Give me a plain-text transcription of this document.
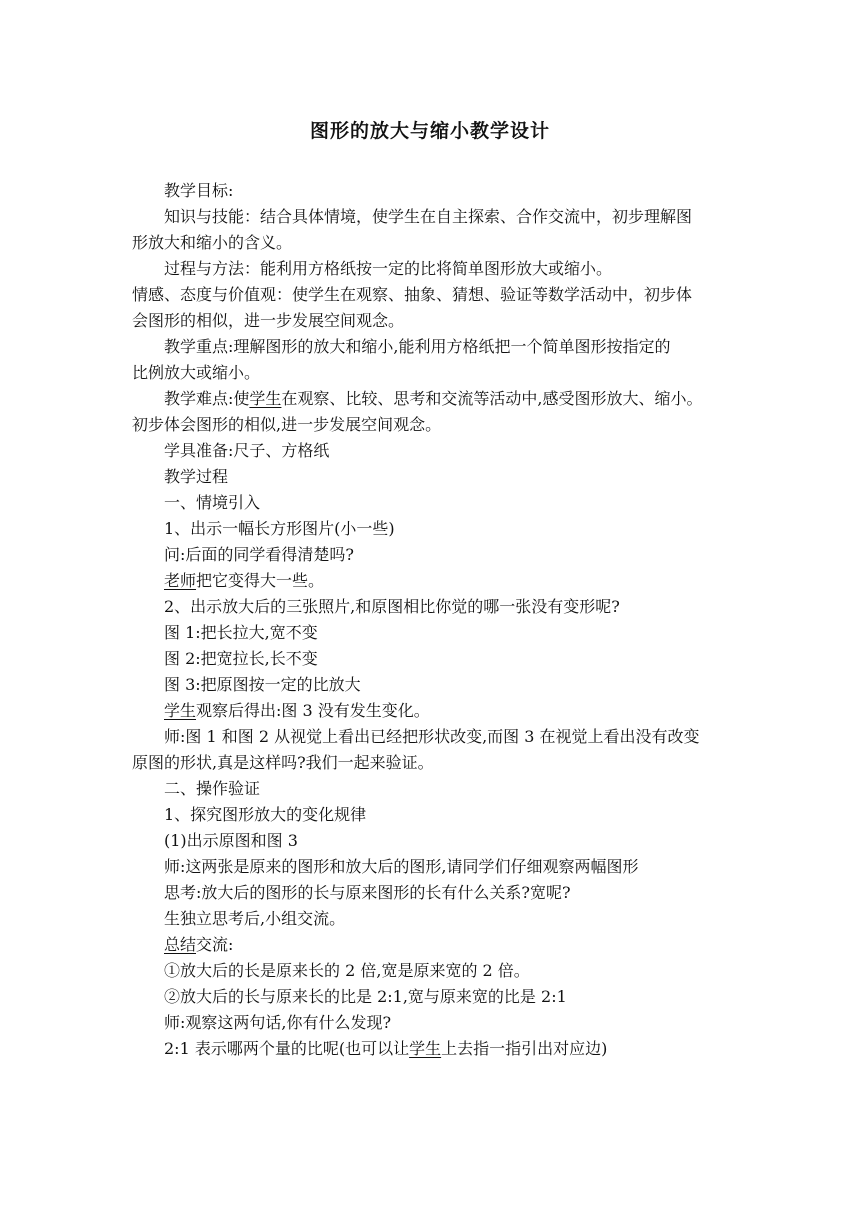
图形的放大与缩小教学设计
教学目标:
知识与技能：结合具体情境，使学生在自主探索、合作交流中，初步理解图
形放大和缩小的含义。
过程与方法：能利用方格纸按一定的比将简单图形放大或缩小。
情感、态度与价值观：使学生在观察、抽象、猜想、验证等数学活动中，初步体
会图形的相似，进一步发展空间观念。
教学重点:理解图形的放大和缩小,能利用方格纸把一个简单图形按指定的
比例放大或缩小。
教学难点:使学生在观察、比较、思考和交流等活动中,感受图形放大、缩小。
初步体会图形的相似,进一步发展空间观念。
学具准备:尺子、方格纸
教学过程
一、情境引入
1、出示一幅长方形图片(小一些)
问:后面的同学看得清楚吗?
老师把它变得大一些。
2、出示放大后的三张照片,和原图相比你觉的哪一张没有变形呢?
图 1:把长拉大,宽不变
图 2:把宽拉长,长不变
图 3:把原图按一定的比放大
学生观察后得出:图 3 没有发生变化。
师:图 1 和图 2 从视觉上看出已经把形状改变,而图 3 在视觉上看出没有改变
原图的形状,真是这样吗?我们一起来验证。
二、操作验证
1、探究图形放大的变化规律
(1)出示原图和图 3
师:这两张是原来的图形和放大后的图形,请同学们仔细观察两幅图形
思考:放大后的图形的长与原来图形的长有什么关系?宽呢?
生独立思考后,小组交流。
总结交流:
①放大后的长是原来长的 2 倍,宽是原来宽的 2 倍。
②放大后的长与原来长的比是 2:1,宽与原来宽的比是 2:1
师:观察这两句话,你有什么发现?
2:1 表示哪两个量的比呢(也可以让学生上去指一指引出对应边)
